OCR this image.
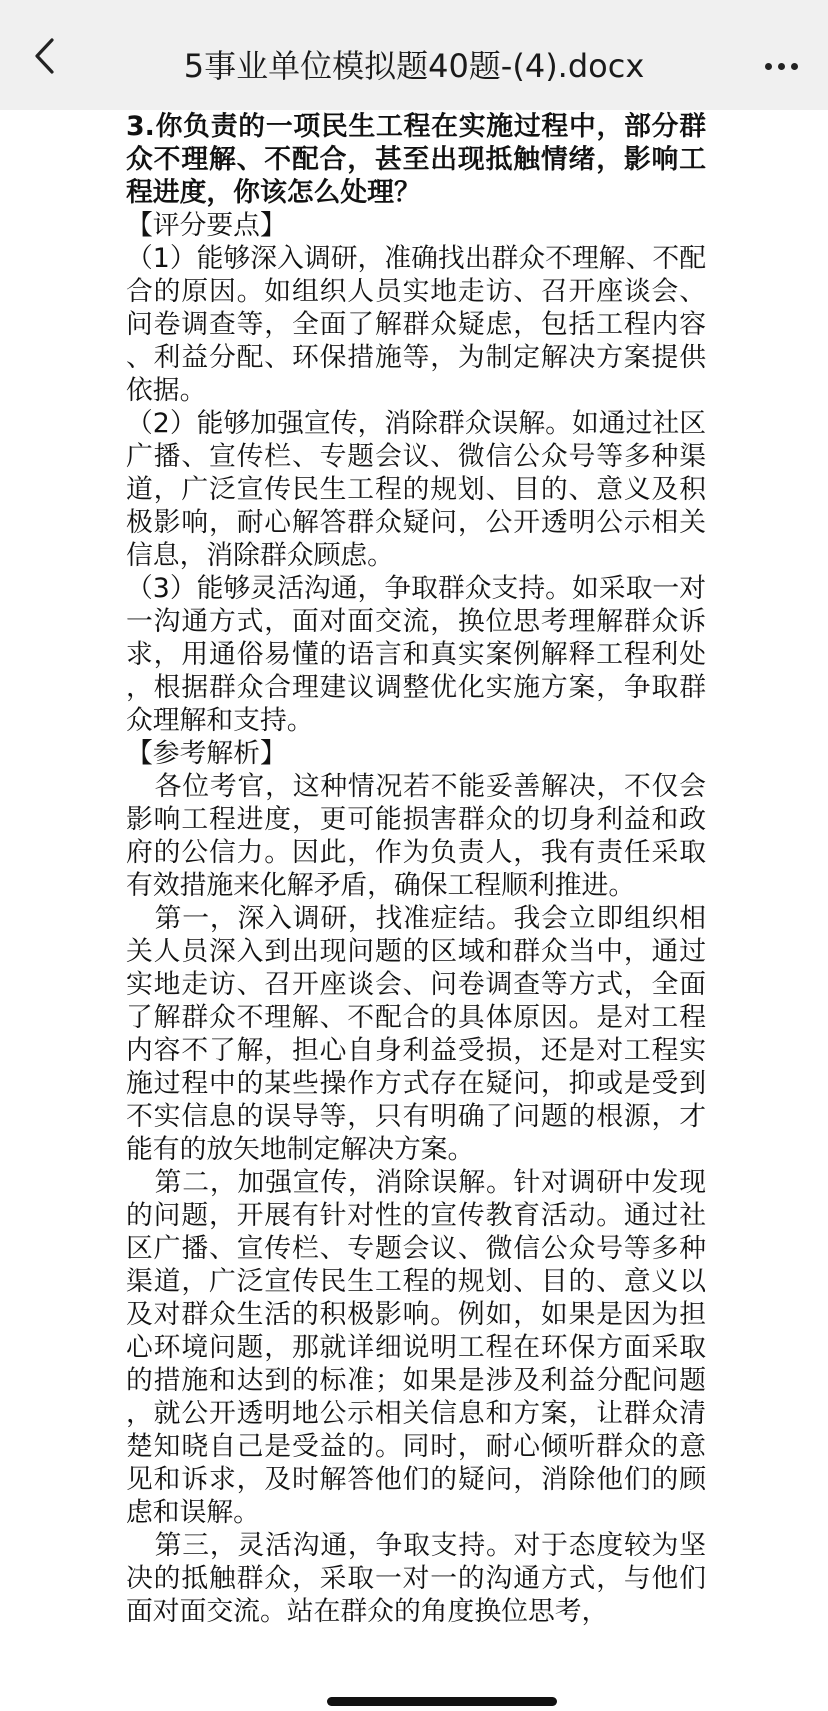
5事业单位模拟题40题-(4).docx

3.你负责的一项民生工程在实施过程中，部分群众不理解、不配合，甚至出现抵触情绪，影响工程进度，你该怎么处理？

【评分要点】

（1）能够深入调研，准确找出群众不理解、不配合的原因。如组织人员实地走访、召开座谈会、问卷调查等，全面了解群众疑虑，包括工程内容、利益分配、环保措施等，为制定解决方案提供依据。

（2）能够加强宣传，消除群众误解。如通过社区广播、宣传栏、专题会议、微信公众号等多种渠道，广泛宣传民生工程的规划、目的、意义及积极影响，耐心解答群众疑问，公开透明公示相关信息，消除群众顾虑。

（3）能够灵活沟通，争取群众支持。如采取一对一沟通方式，面对面交流，换位思考理解群众诉求，用通俗易懂的语言和真实案例解释工程利处，根据群众合理建议调整优化实施方案，争取群众理解和支持。

【参考解析】

各位考官，这种情况若不能妥善解决，不仅会影响工程进度，更可能损害群众的切身利益和政府的公信力。因此，作为负责人，我有责任采取有效措施来化解矛盾，确保工程顺利推进。

第一，深入调研，找准症结。我会立即组织相关人员深入到出现问题的区域和群众当中，通过实地走访、召开座谈会、问卷调查等方式，全面了解群众不理解、不配合的具体原因。是对工程内容不了解，担心自身利益受损，还是对工程实施过程中的某些操作方式存在疑问，抑或是受到不实信息的误导等，只有明确了问题的根源，才能有的放矢地制定解决方案。

第二，加强宣传，消除误解。针对调研中发现的问题，开展有针对性的宣传教育活动。通过社区广播、宣传栏、专题会议、微信公众号等多种渠道，广泛宣传民生工程的规划、目的、意义以及对群众生活的积极影响。例如，如果是因为担心环境问题，那就详细说明工程在环保方面采取的措施和达到的标准；如果是涉及利益分配问题，就公开透明地公示相关信息和方案，让群众清楚知晓自己是受益的。同时，耐心倾听群众的意见和诉求，及时解答他们的疑问，消除他们的顾虑和误解。

第三，灵活沟通，争取支持。对于态度较为坚决的抵触群众，采取一对一的沟通方式，与他们面对面交流。站在群众的角度换位思考，
